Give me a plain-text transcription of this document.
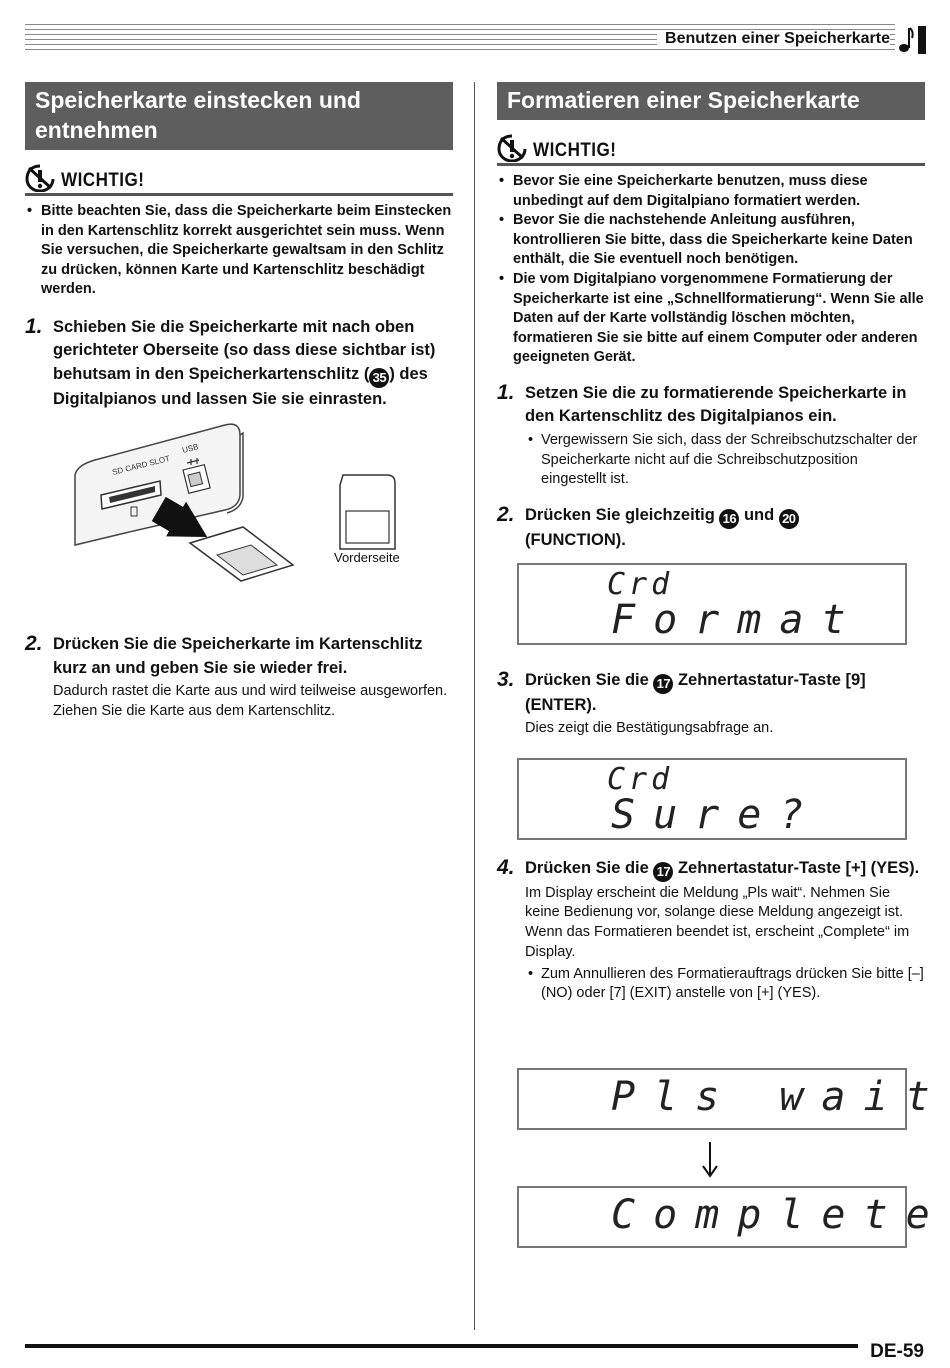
Benutzen einer Speicherkarte
Speicherkarte einstecken und entnehmen
WICHTIG!
• Bitte beachten Sie, dass die Speicherkarte beim Einstecken in den Kartenschlitz korrekt ausgerichtet sein muss. Wenn Sie versuchen, die Speicherkarte gewaltsam in den Schlitz zu drücken, können Karte und Kartenschlitz beschädigt werden.
1. Schieben Sie die Speicherkarte mit nach oben gerichteter Oberseite (so dass diese sichtbar ist) behutsam in den Speicherkartenschlitz ( 35 ) des Digitalpianos und lassen Sie sie einrasten.
2. Drücken Sie die Speicherkarte im Kartenschlitz kurz an und geben Sie sie wieder frei.
Dadurch rastet die Karte aus und wird teilweise ausgeworfen. Ziehen Sie die Karte aus dem Kartenschlitz.
SD CARD SLOT
USB
Vorderseite
Formatieren einer Speicherkarte
WICHTIG!
• Bevor Sie eine Speicherkarte benutzen, muss diese unbedingt auf dem Digitalpiano formatiert werden.
• Bevor Sie die nachstehende Anleitung ausführen, kontrollieren Sie bitte, dass die Speicherkarte keine Daten enthält, die Sie eventuell noch benötigen.
• Die vom Digitalpiano vorgenommene Formatierung der Speicherkarte ist eine „Schnellformatierung“. Wenn Sie alle Daten auf der Karte vollständig löschen möchten, formatieren Sie sie bitte auf einem Computer oder anderen geeigneten Gerät.
1. Setzen Sie die zu formatierende Speicherkarte in den Kartenschlitz des Digitalpianos ein.
• Vergewissern Sie sich, dass der Schreibschutzschalter der Speicherkarte nicht auf die Schreibschutzposition eingestellt ist.
2. Drücken Sie gleichzeitig 16 und 20
(FUNCTION).
3. Drücken Sie die 17 Zehnertastatur-Taste [9] (ENTER).
Dies zeigt die Bestätigungsabfrage an.
4. Drücken Sie die 17 Zehnertastatur-Taste [+] (YES).
Im Display erscheint die Meldung „Pls wait“. Nehmen Sie keine Bedienung vor, solange diese Meldung angezeigt ist.
Wenn das Formatieren beendet ist, erscheint „Complete“ im Display.
• Zum Annullieren des Formatierauftrags drücken Sie bitte [–] (NO) oder [7] (EXIT) anstelle von [+] (YES).
Crd
Format
Crd
Sure?
Pls wait
Complete
DE-59
